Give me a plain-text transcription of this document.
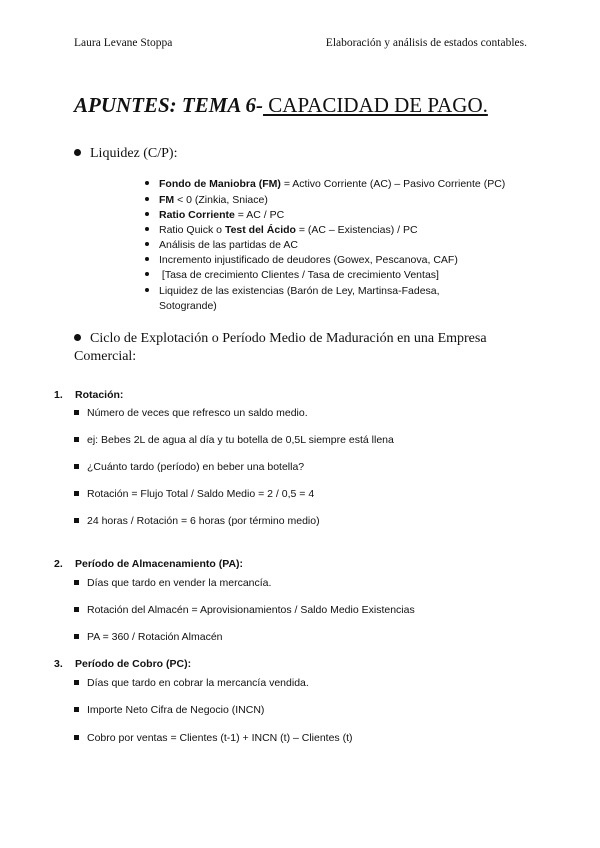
Laura Levane Stoppa	Elaboración y análisis de estados contables.
APUNTES: TEMA 6- CAPACIDAD DE PAGO.
Liquidez (C/P):
Fondo de Maniobra (FM) = Activo Corriente (AC) – Pasivo Corriente (PC)
FM < 0 (Zinkia, Sniace)
Ratio Corriente = AC / PC
Ratio Quick o Test del Ácido = (AC – Existencias) / PC
Análisis de las partidas de AC
Incremento injustificado de deudores (Gowex, Pescanova, CAF)
[Tasa de crecimiento Clientes / Tasa de crecimiento Ventas]
Liquidez de las existencias (Barón de Ley, Martinsa-Fadesa,
Sotogrande)
Ciclo de Explotación o Período Medio de Maduración en una Empresa
Comercial:
1. Rotación:
Número de veces que refresco un saldo medio.
ej: Bebes 2L de agua al día y tu botella de 0,5L siempre está llena
¿Cuánto tardo (período) en beber una botella?
Rotación = Flujo Total / Saldo Medio = 2 / 0,5 = 4
24 horas / Rotación = 6 horas (por término medio)
2. Período de Almacenamiento (PA):
Días que tardo en vender la mercancía.
Rotación del Almacén = Aprovisionamientos / Saldo Medio Existencias
PA = 360 / Rotación Almacén
3. Período de Cobro (PC):
Días que tardo en cobrar la mercancía vendida.
Importe Neto Cifra de Negocio (INCN)
Cobro por ventas = Clientes (t-1) + INCN (t) – Clientes (t)
